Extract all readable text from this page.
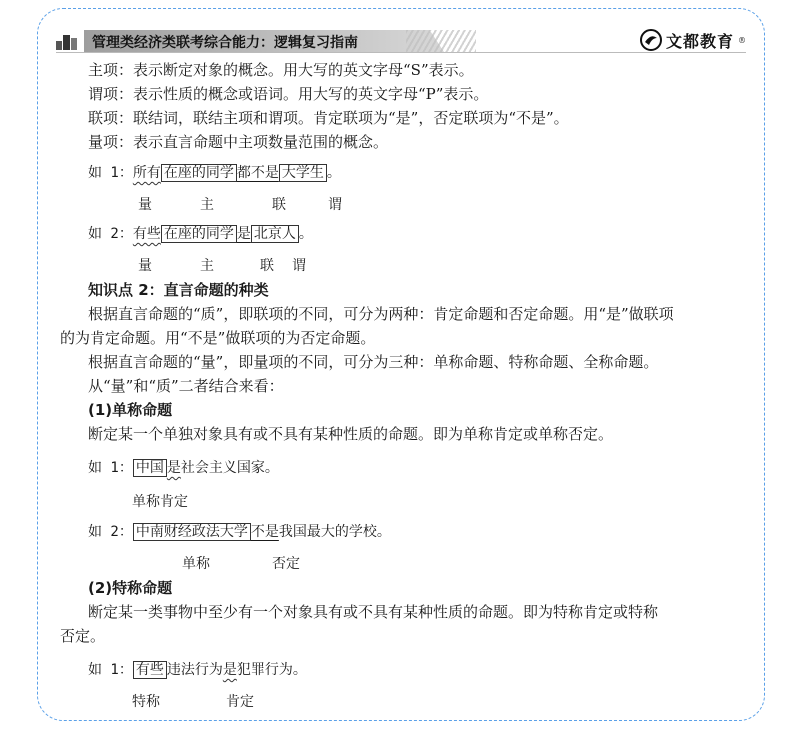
管理类经济类联考综合能力：逻辑复习指南	文都教育 ®
主项：表示断定对象的概念。用大写的英文字母“S”表示。
谓项：表示性质的概念或语词。用大写的英文字母“P”表示。
联项：联结词，联结主项和谓项。肯定联项为“是”，否定联项为“不是”。
量项：表示直言命题中主项数量范围的概念。
如 1：所有 在座的同学 都不是 大学生 。
量	主	联	谓
如 2：有些 在座的同学 是 北京人 。
量	主	联 谓
知识点 2：直言命题的种类
根据直言命题的“质”，即联项的不同，可分为两种：肯定命题和否定命题。用“是”做联项
的为肯定命题。用“不是”做联项的为否定命题。
根据直言命题的“量”，即量项的不同，可分为三种：单称命题、特称命题、全称命题。
从“量”和“质”二者结合来看：
(1)单称命题
断定某一个单独对象具有或不具有某种性质的命题。即为单称肯定或单称否定。
如 1： 中国 是社会主义国家。
单称肯定
如 2： 中南财经政法大学 不是我国最大的学校。
单称	否定
(2)特称命题
断定某一类事物中至少有一个对象具有或不具有某种性质的命题。即为特称肯定或特称
否定。
如 1： 有些 违法行为是犯罪行为。
特称	肯定
